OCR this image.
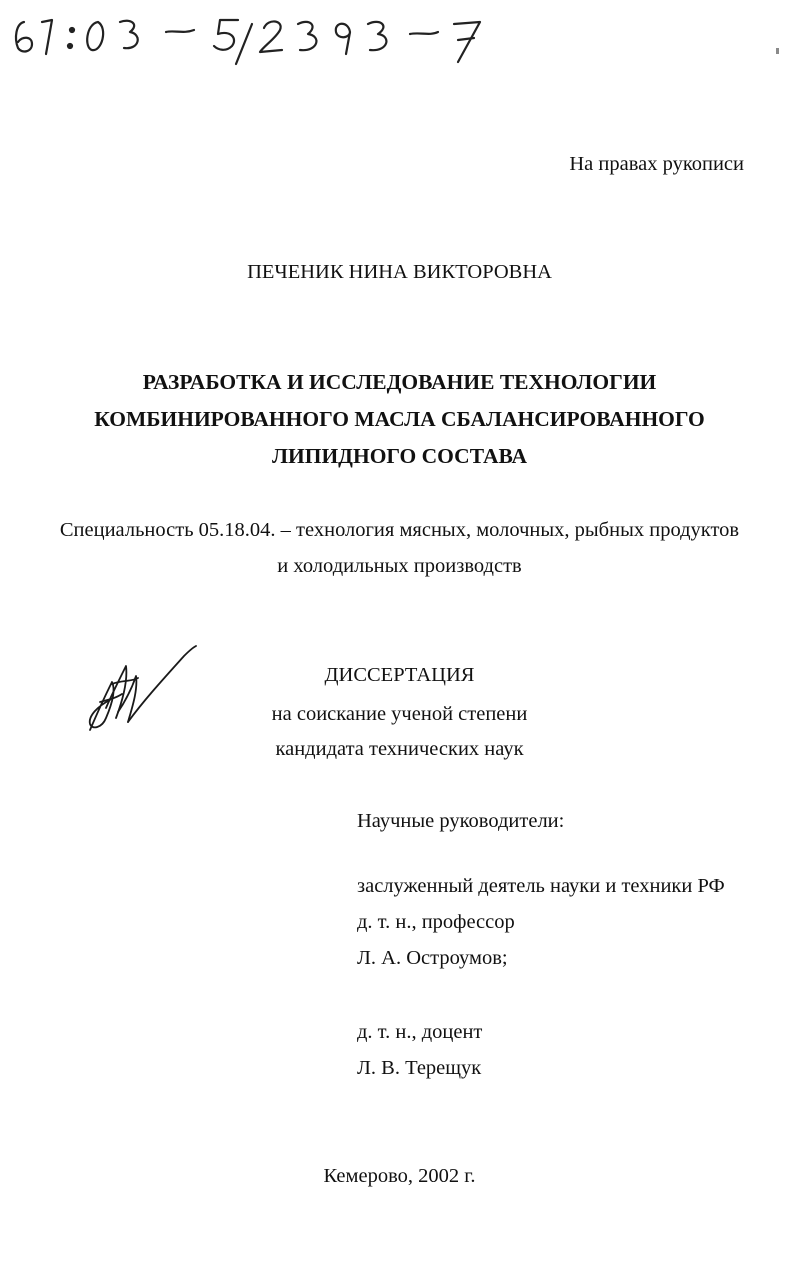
На правах рукописи
ПЕЧЕНИК НИНА ВИКТОРОВНА
РАЗРАБОТКА И ИССЛЕДОВАНИЕ ТЕХНОЛОГИИ
КОМБИНИРОВАННОГО МАСЛА СБАЛАНСИРОВАННОГО
ЛИПИДНОГО СОСТАВА
Специальность 05.18.04. – технология мясных, молочных, рыбных продуктов
и холодильных производств
ДИССЕРТАЦИЯ
на соискание ученой степени
кандидата технических наук
Научные руководители:
заслуженный деятель науки и техники РФ
д. т. н., профессор
Л. А. Остроумов;
д. т. н., доцент
Л. В. Терещук
Кемерово, 2002 г.
